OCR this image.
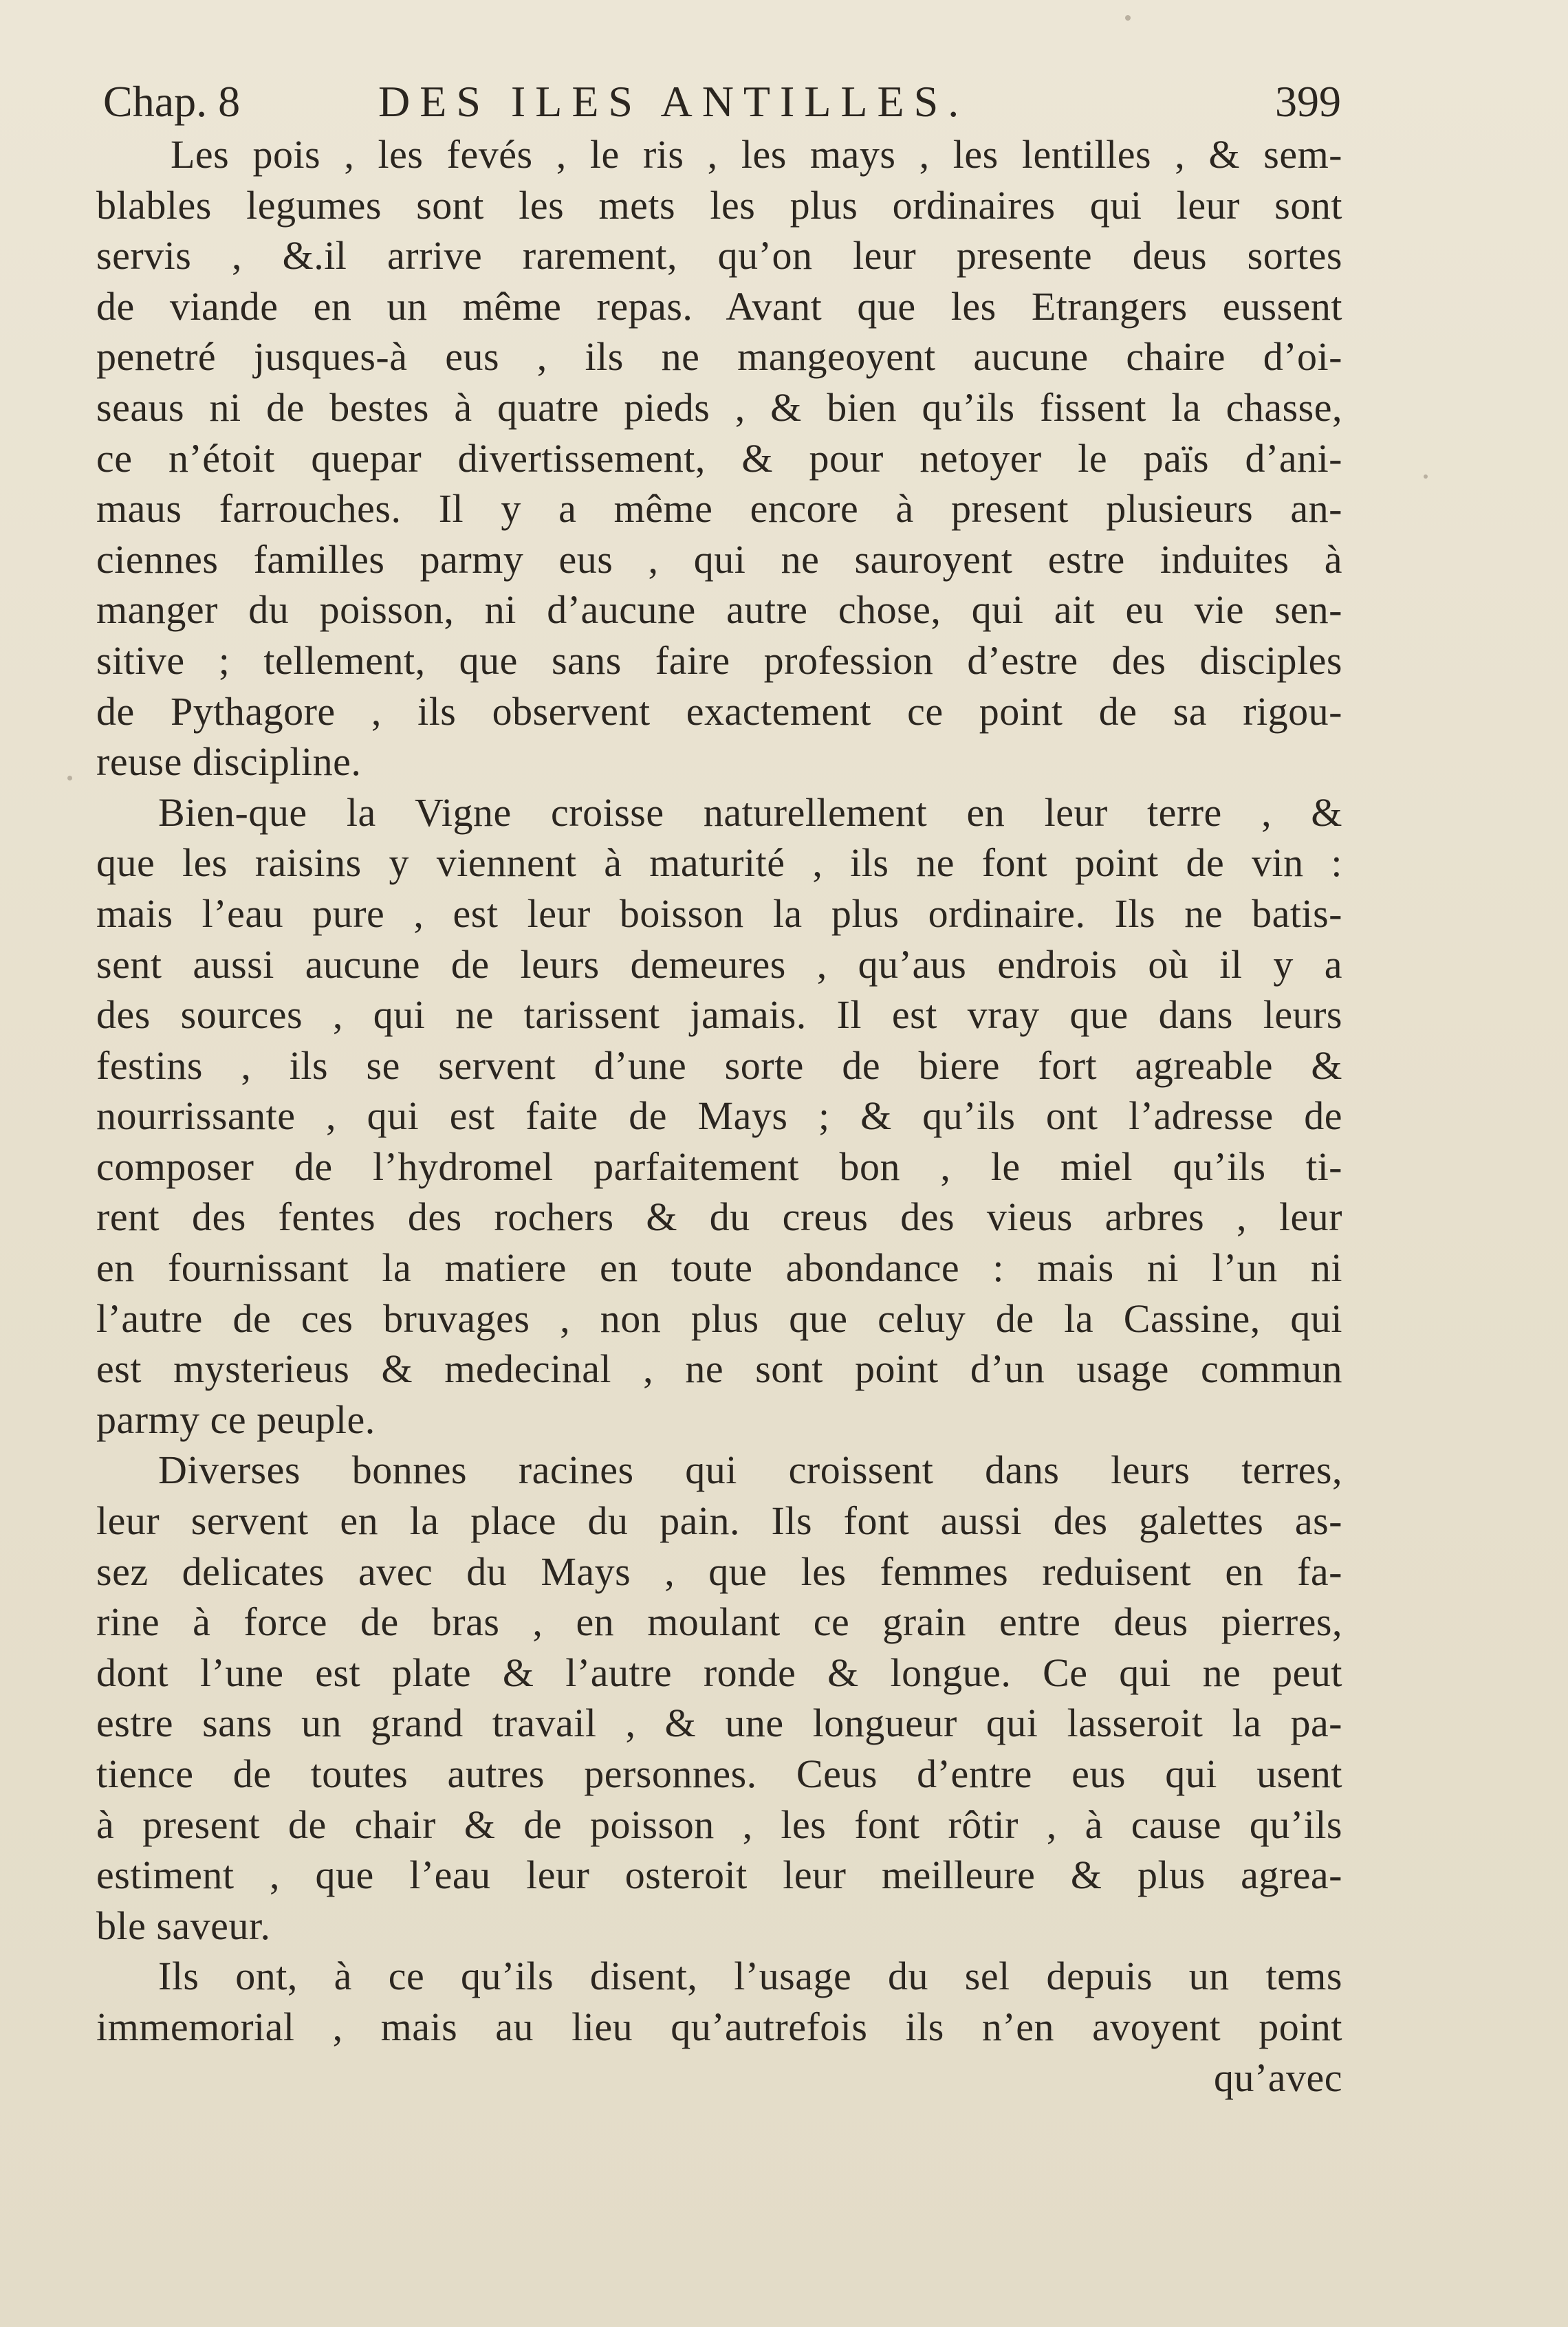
Chap. 8	DES ILES ANTILLES.	399
Les pois , les fevés , le ris , les mays , les lentilles , & sem-
blables legumes sont les mets les plus ordinaires qui leur sont
servis , &.il arrive rarement, qu’on leur presente deus sortes
de viande en un même repas. Avant que les Etrangers eussent
penetré jusques-à eus , ils ne mangeoyent aucune chaire d’oi-
seaus ni de bestes à quatre pieds , & bien qu’ils fissent la chasse,
ce n’étoit quepar divertissement, & pour netoyer le païs d’ani-
maus farrouches. Il y a même encore à present plusieurs an-
ciennes familles parmy eus , qui ne sauroyent estre induites à
manger du poisson, ni d’aucune autre chose, qui ait eu vie sen-
sitive ; tellement, que sans faire profession d’estre des disciples
de Pythagore , ils observent exactement ce point de sa rigou-
reuse discipline.
Bien-que la Vigne croisse naturellement en leur terre , &
que les raisins y viennent à maturité , ils ne font point de vin :
mais l’eau pure , est leur boisson la plus ordinaire. Ils ne batis-
sent aussi aucune de leurs demeures , qu’aus endrois où il y a
des sources , qui ne tarissent jamais. Il est vray que dans leurs
festins , ils se servent d’une sorte de biere fort agreable &
nourrissante , qui est faite de Mays ; & qu’ils ont l’adresse de
composer de l’hydromel parfaitement bon , le miel qu’ils ti-
rent des fentes des rochers & du creus des vieus arbres , leur
en fournissant la matiere en toute abondance : mais ni l’un ni
l’autre de ces bruvages , non plus que celuy de la Cassine, qui
est mysterieus & medecinal , ne sont point d’un usage commun
parmy ce peuple.
Diverses bonnes racines qui croissent dans leurs terres,
leur servent en la place du pain. Ils font aussi des galettes as-
sez delicates avec du Mays , que les femmes reduisent en fa-
rine à force de bras , en moulant ce grain entre deus pierres,
dont l’une est plate & l’autre ronde & longue. Ce qui ne peut
estre sans un grand travail , & une longueur qui lasseroit la pa-
tience de toutes autres personnes. Ceus d’entre eus qui usent
à present de chair & de poisson , les font rôtir , à cause qu’ils
estiment , que l’eau leur osteroit leur meilleure & plus agrea-
ble saveur.
Ils ont, à ce qu’ils disent, l’usage du sel depuis un tems
immemorial , mais au lieu qu’autrefois ils n’en avoyent point
qu’avec
